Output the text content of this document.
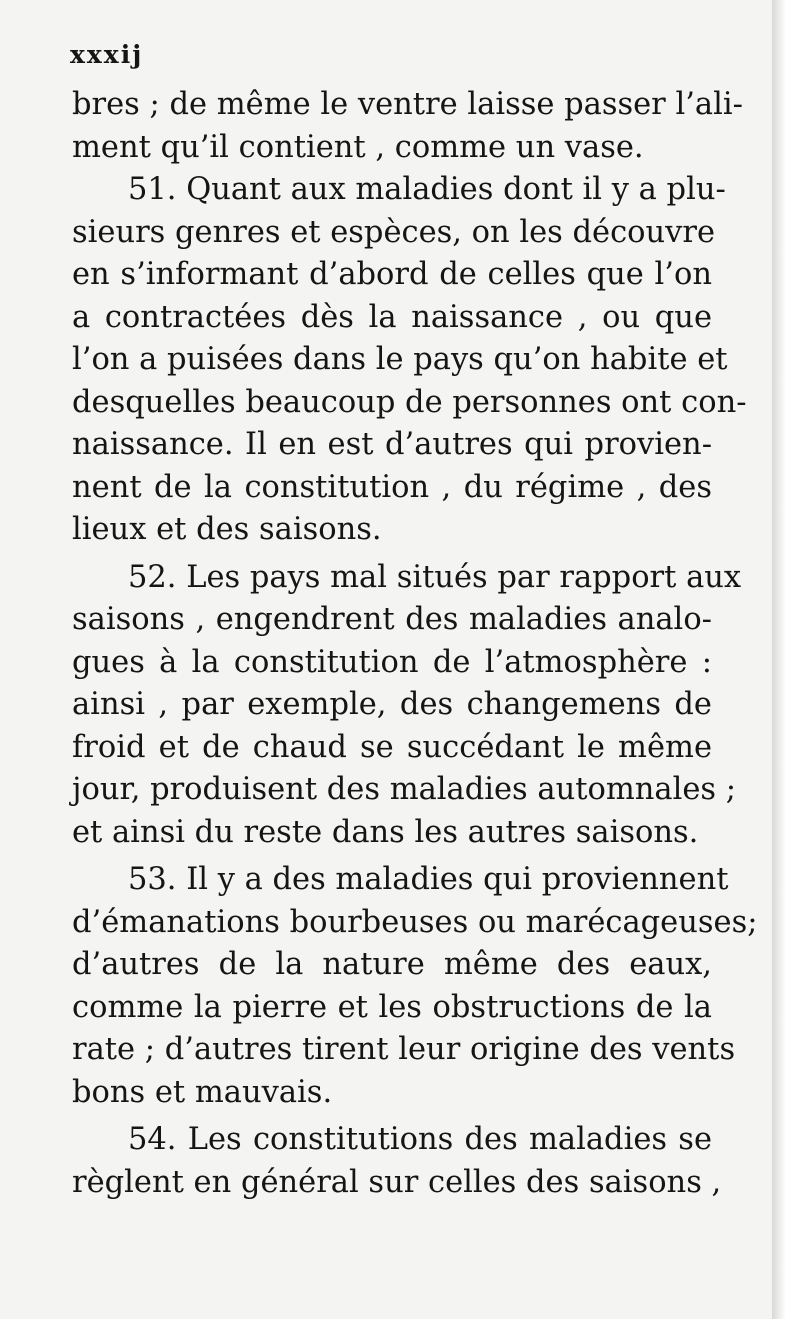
xxxij
bres ; de même le ventre laisse passer l’ali-
ment qu’il contient , comme un vase.
51. Quant aux maladies dont il y a plu-
sieurs genres et espèces, on les découvre
en s’informant d’abord de celles que l’on
a contractées dès la naissance , ou que
l’on a puisées dans le pays qu’on habite et
desquelles beaucoup de personnes ont con-
naissance. Il en est d’autres qui provien-
nent de la constitution , du régime , des
lieux et des saisons.
52. Les pays mal situés par rapport aux
saisons , engendrent des maladies analo-
gues à la constitution de l’atmosphère :
ainsi , par exemple, des changemens de
froid et de chaud se succédant le même
jour, produisent des maladies automnales ;
et ainsi du reste dans les autres saisons.
53. Il y a des maladies qui proviennent
d’émanations bourbeuses ou marécageuses;
d’autres de la nature même des eaux,
comme la pierre et les obstructions de la
rate ; d’autres tirent leur origine des vents
bons et mauvais.
54. Les constitutions des maladies se
règlent en général sur celles des saisons ,
